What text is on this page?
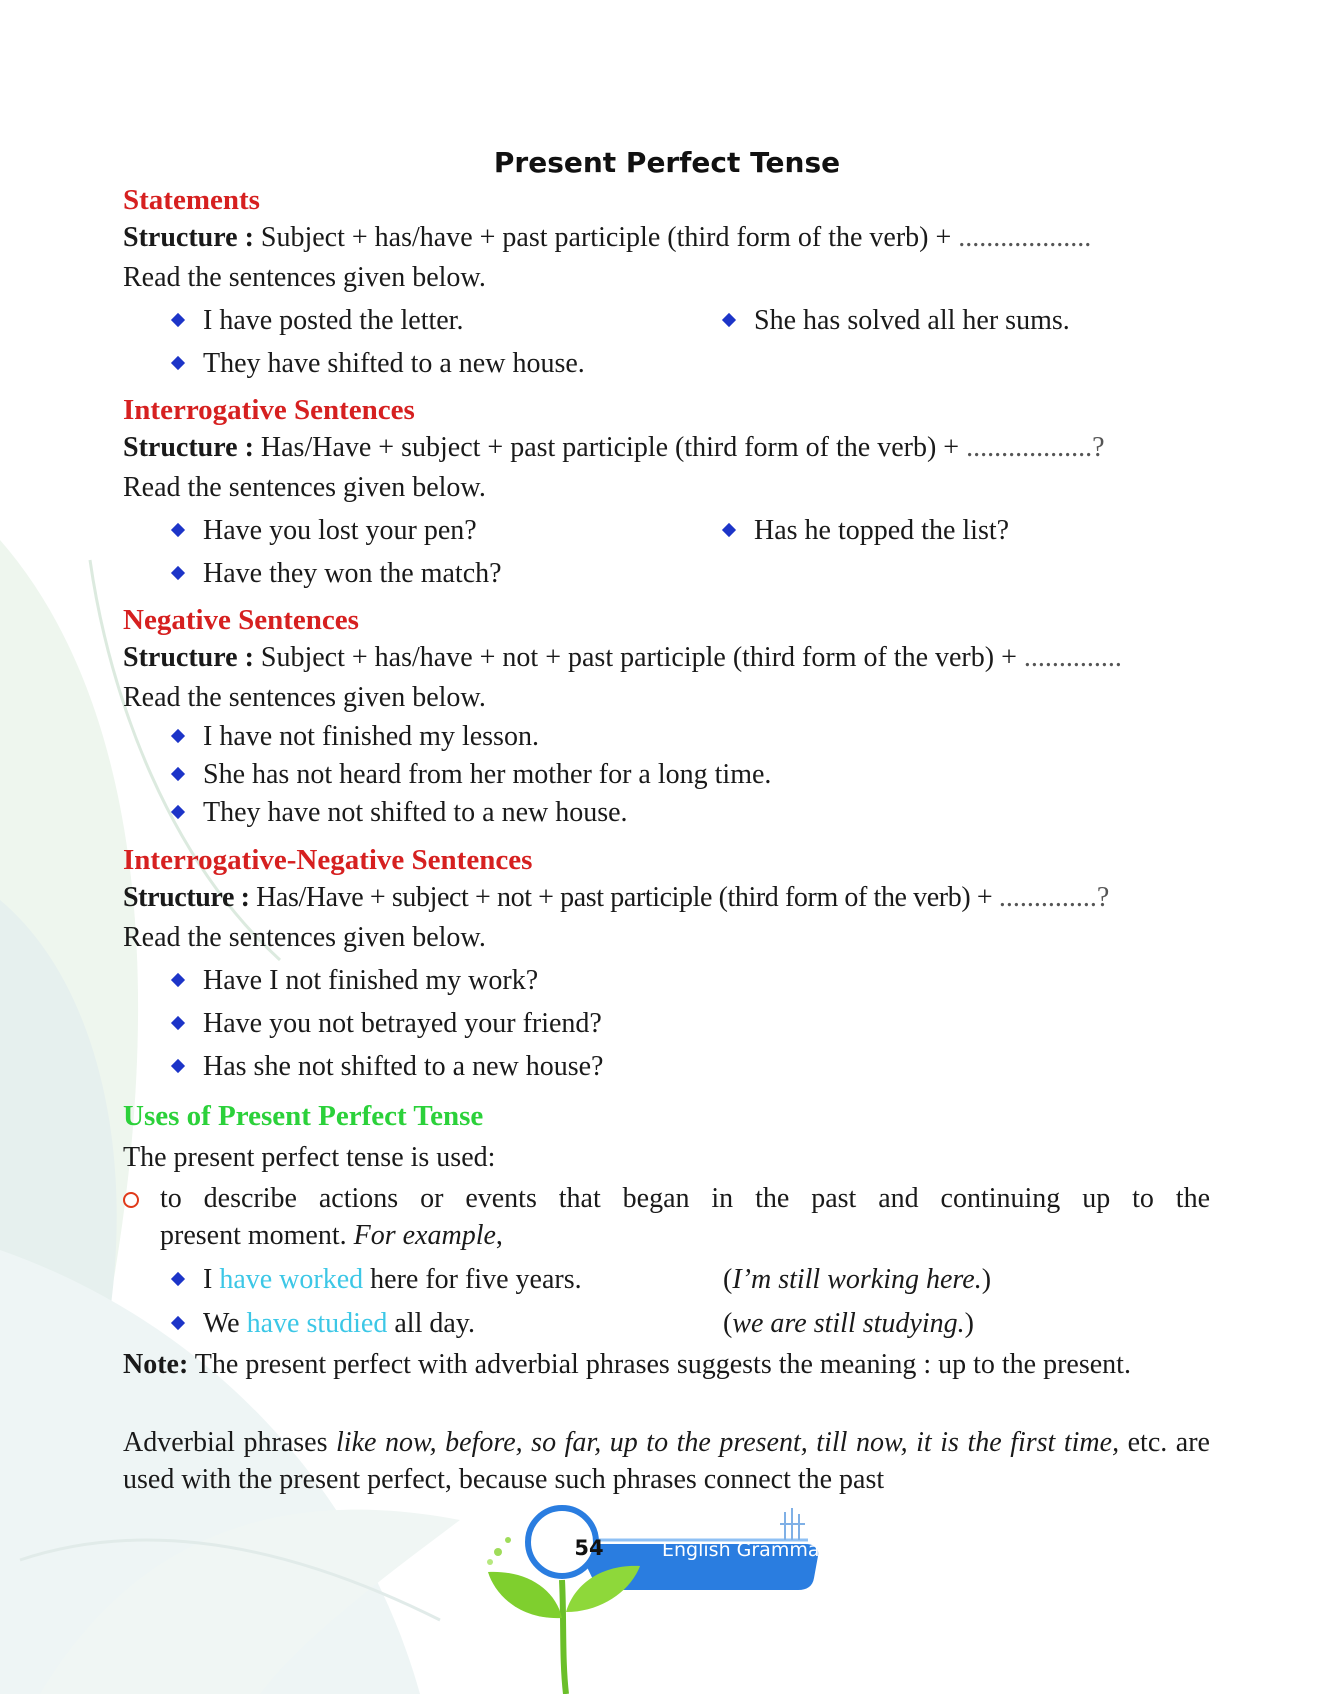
Present Perfect Tense
Statements
Structure : Subject + has/have + past participle (third form of the verb) + ...................
Read the sentences given below.
I have posted the letter.	She has solved all her sums.
They have shifted to a new house.
Interrogative Sentences
Structure : Has/Have + subject + past participle (third form of the verb) + ..................?
Read the sentences given below.
Have you lost your pen?	Has he topped the list?
Have they won the match?
Negative Sentences
Structure : Subject + has/have + not + past participle (third form of the verb) + ..............
Read the sentences given below.
I have not finished my lesson.
She has not heard from her mother for a long time.
They have not shifted to a new house.
Interrogative-Negative Sentences
Structure : Has/Have + subject + not + past participle (third form of the verb) + ..............?
Read the sentences given below.
Have I not finished my work?
Have you not betrayed your friend?
Has she not shifted to a new house?
Uses of Present Perfect Tense
The present perfect tense is used:
to describe actions or events that began in the past and continuing up to the
present moment. For example,
I have worked here for five years.	(I’m still working here.)
We have studied all day.	(we are still studying.)
Note: The present perfect with adverbial phrases suggests the meaning : up to the present.
Adverbial phrases like now, before, so far, up to the present, till now, it is the first time, etc. are used with the present perfect, because such phrases connect the past
54	English Grammar-8
